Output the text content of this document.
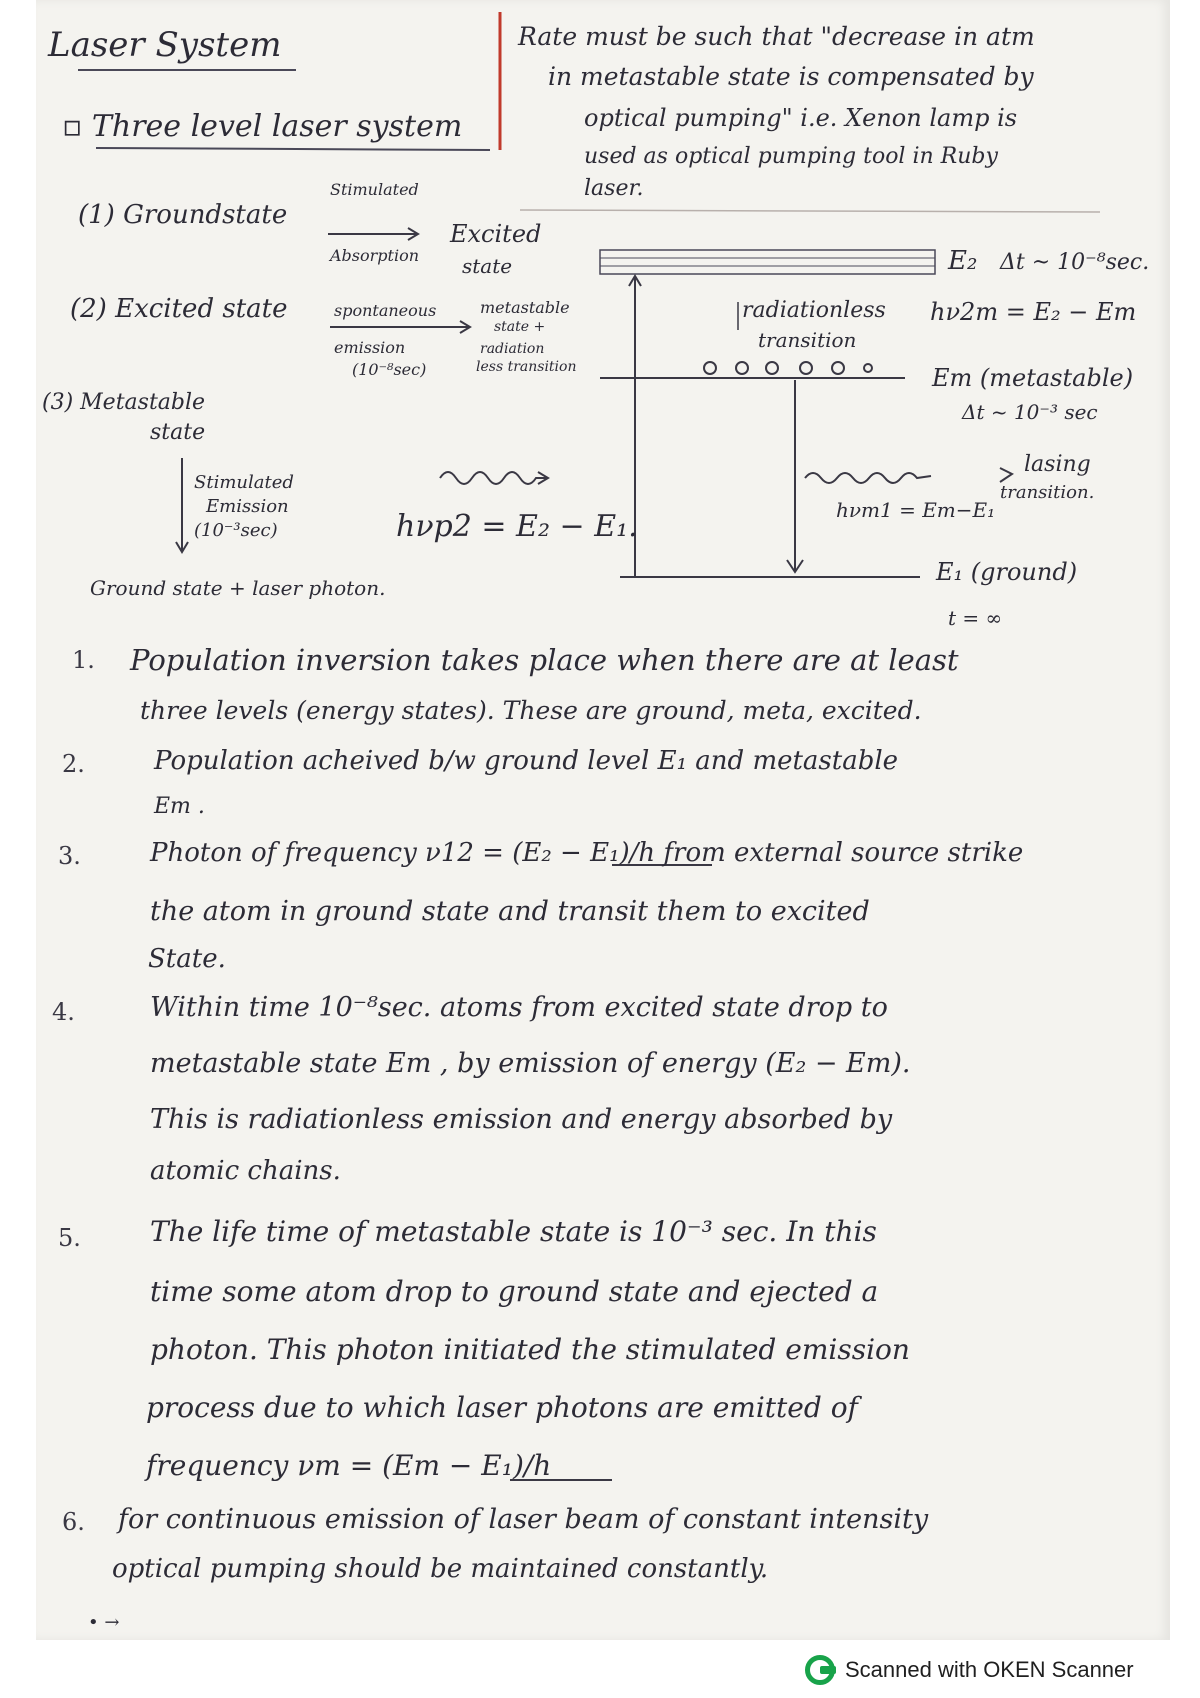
Laser System
▫ Three level laser system
Rate must be such that "decrease in atm
in metastable state is compensated by
optical pumping" i.e. Xenon lamp is
used as optical pumping tool in Ruby
laser.
Stimulated
(1) Groundstate
Absorption
Excited
state
(2) Excited state	spontaneous
emission
(10⁻⁸sec)
metastable
state +
radiation
less transition
(3) Metastable
state
Stimulated
Emission
(10⁻³sec)	hνp2 = E₂ − E₁.
Ground state + laser photon.
E₂ Δt ~ 10⁻⁸sec.
radiationless
transition
hν2m = E₂ − Em
Em (metastable)
Δt ~ 10⁻³ sec
lasing
transition.
hνm1 = Em−E₁
E₁ (ground)
t = ∞
1. Population inversion takes place when there are at least
three levels (energy states). These are ground, meta, excited.
2.	Population acheived b/w ground level E₁ and metastable
Em .
3.	Photon of frequency ν12 = (E₂ − E₁)/h from external source strike
the atom in ground state and transit them to excited
State.
4.	Within time 10⁻⁸sec. atoms from excited state drop to
metastable state Em , by emission of energy (E₂ − Em).
This is radiationless emission and energy absorbed by
atomic chains.
5. The life time of metastable state is 10⁻³ sec. In this
time some atom drop to ground state and ejected a
photon. This photon initiated the stimulated emission
process due to which laser photons are emitted of
frequency νm = (Em − E₁)/h
6. for continuous emission of laser beam of constant intensity
optical pumping should be maintained constantly.
• →
Scanned with OKEN Scanner
